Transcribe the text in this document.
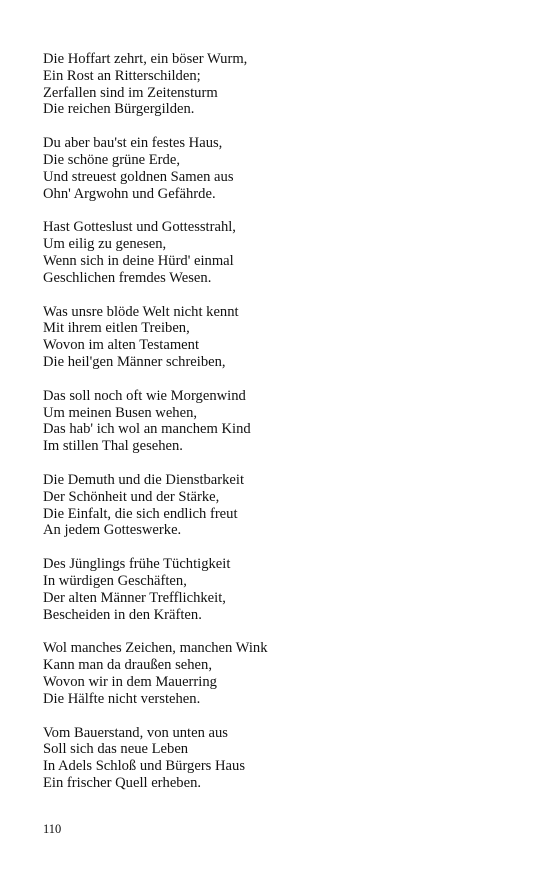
Die Hoffart zehrt, ein böser Wurm,
Ein Rost an Ritterschilden;
Zerfallen sind im Zeitensturm
Die reichen Bürgergilden.
Du aber bau'st ein festes Haus,
Die schöne grüne Erde,
Und streuest goldnen Samen aus
Ohn' Argwohn und Gefährde.
Hast Gotteslust und Gottesstrahl,
Um eilig zu genesen,
Wenn sich in deine Hürd' einmal
Geschlichen fremdes Wesen.
Was unsre blöde Welt nicht kennt
Mit ihrem eitlen Treiben,
Wovon im alten Testament
Die heil'gen Männer schreiben,
Das soll noch oft wie Morgenwind
Um meinen Busen wehen,
Das hab' ich wol an manchem Kind
Im stillen Thal gesehen.
Die Demuth und die Dienstbarkeit
Der Schönheit und der Stärke,
Die Einfalt, die sich endlich freut
An jedem Gotteswerke.
Des Jünglings frühe Tüchtigkeit
In würdigen Geschäften,
Der alten Männer Trefflichkeit,
Bescheiden in den Kräften.
Wol manches Zeichen, manchen Wink
Kann man da draußen sehen,
Wovon wir in dem Mauerring
Die Hälfte nicht verstehen.
Vom Bauerstand, von unten aus
Soll sich das neue Leben
In Adels Schloß und Bürgers Haus
Ein frischer Quell erheben.
110
